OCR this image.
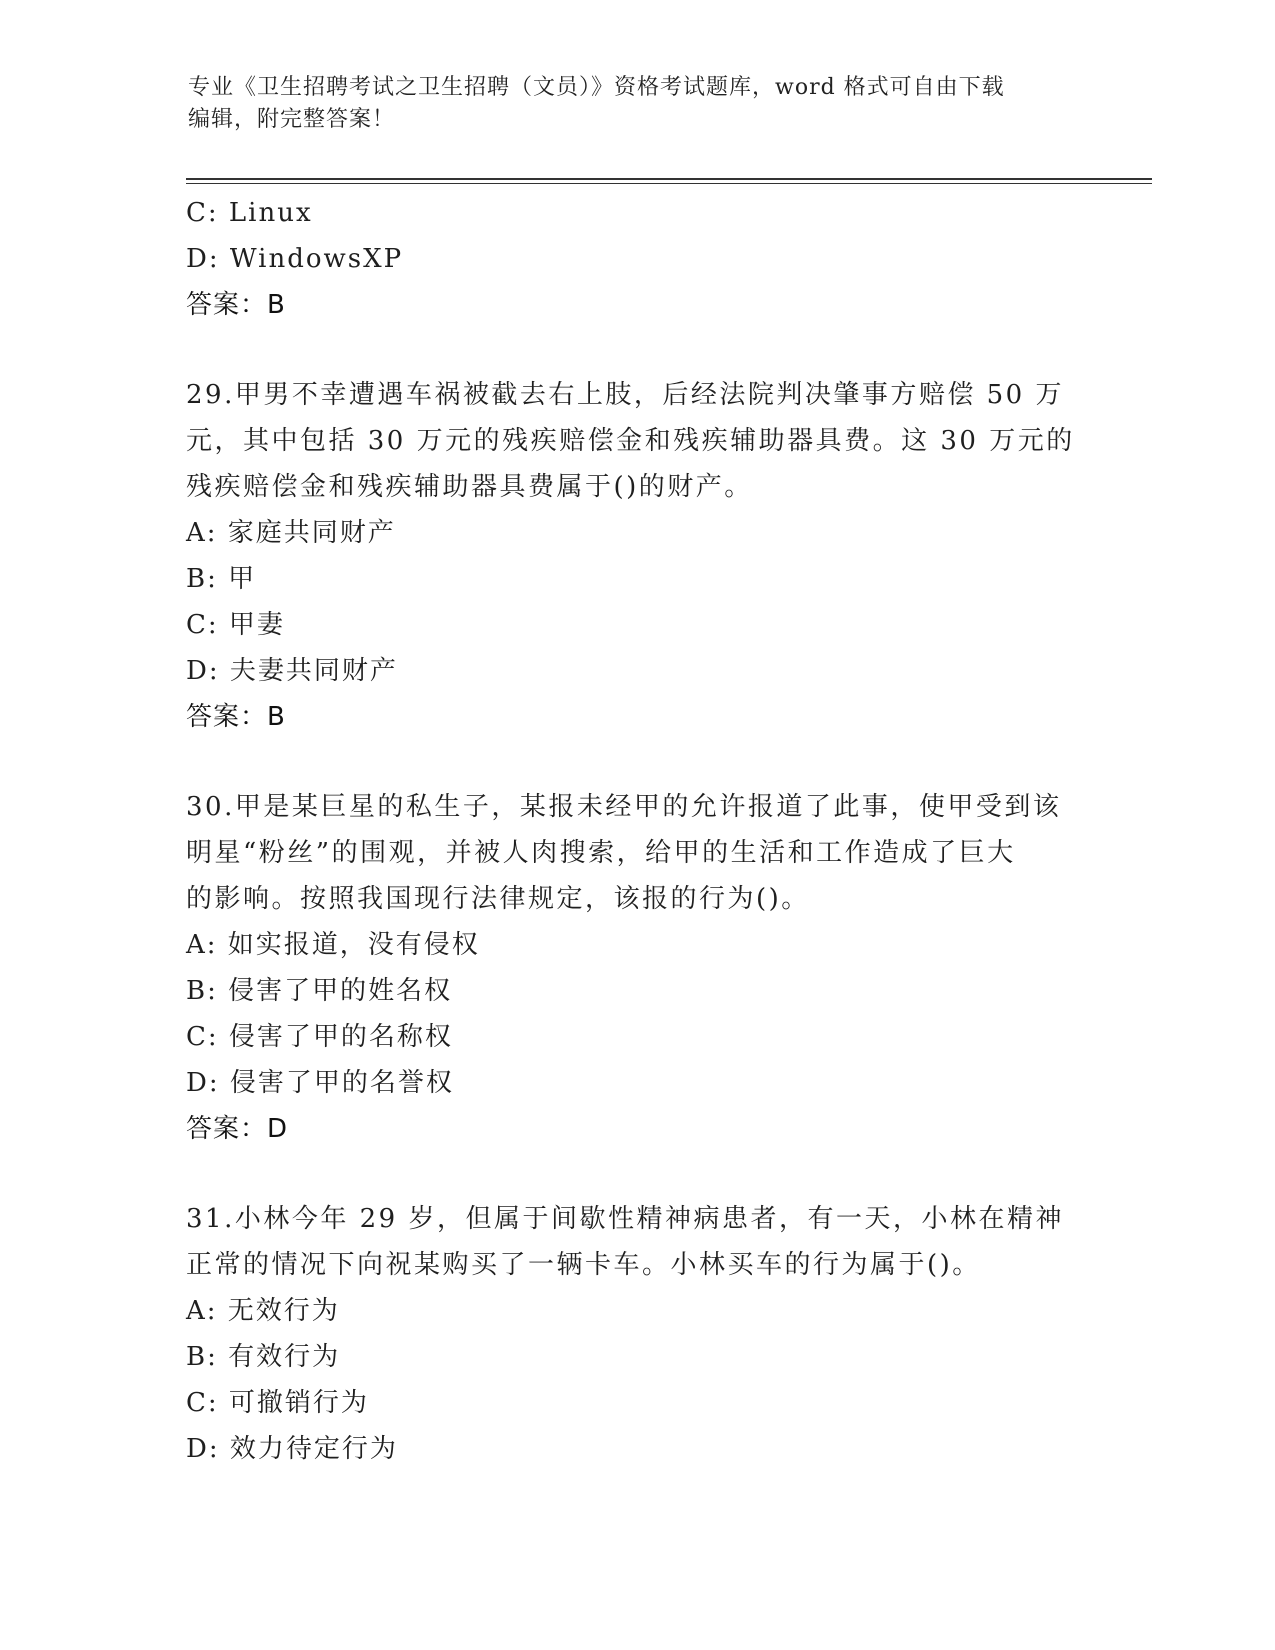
专业《卫生招聘考试之卫生招聘（文员）》资格考试题库，word 格式可自由下载
编辑，附完整答案！
C: Linux
D: WindowsXP
答案：B
29.甲男不幸遭遇车祸被截去右上肢，后经法院判决肇事方赔偿 50 万
元，其中包括 30 万元的残疾赔偿金和残疾辅助器具费。这 30 万元的
残疾赔偿金和残疾辅助器具费属于()的财产。
A: 家庭共同财产
B: 甲
C: 甲妻
D: 夫妻共同财产
答案：B
30.甲是某巨星的私生子，某报未经甲的允许报道了此事，使甲受到该
明星“粉丝”的围观，并被人肉搜索，给甲的生活和工作造成了巨大
的影响。按照我国现行法律规定，该报的行为()。
A: 如实报道，没有侵权
B: 侵害了甲的姓名权
C: 侵害了甲的名称权
D: 侵害了甲的名誉权
答案：D
31.小林今年 29 岁，但属于间歇性精神病患者，有一天，小林在精神
正常的情况下向祝某购买了一辆卡车。小林买车的行为属于()。
A: 无效行为
B: 有效行为
C: 可撤销行为
D: 效力待定行为
